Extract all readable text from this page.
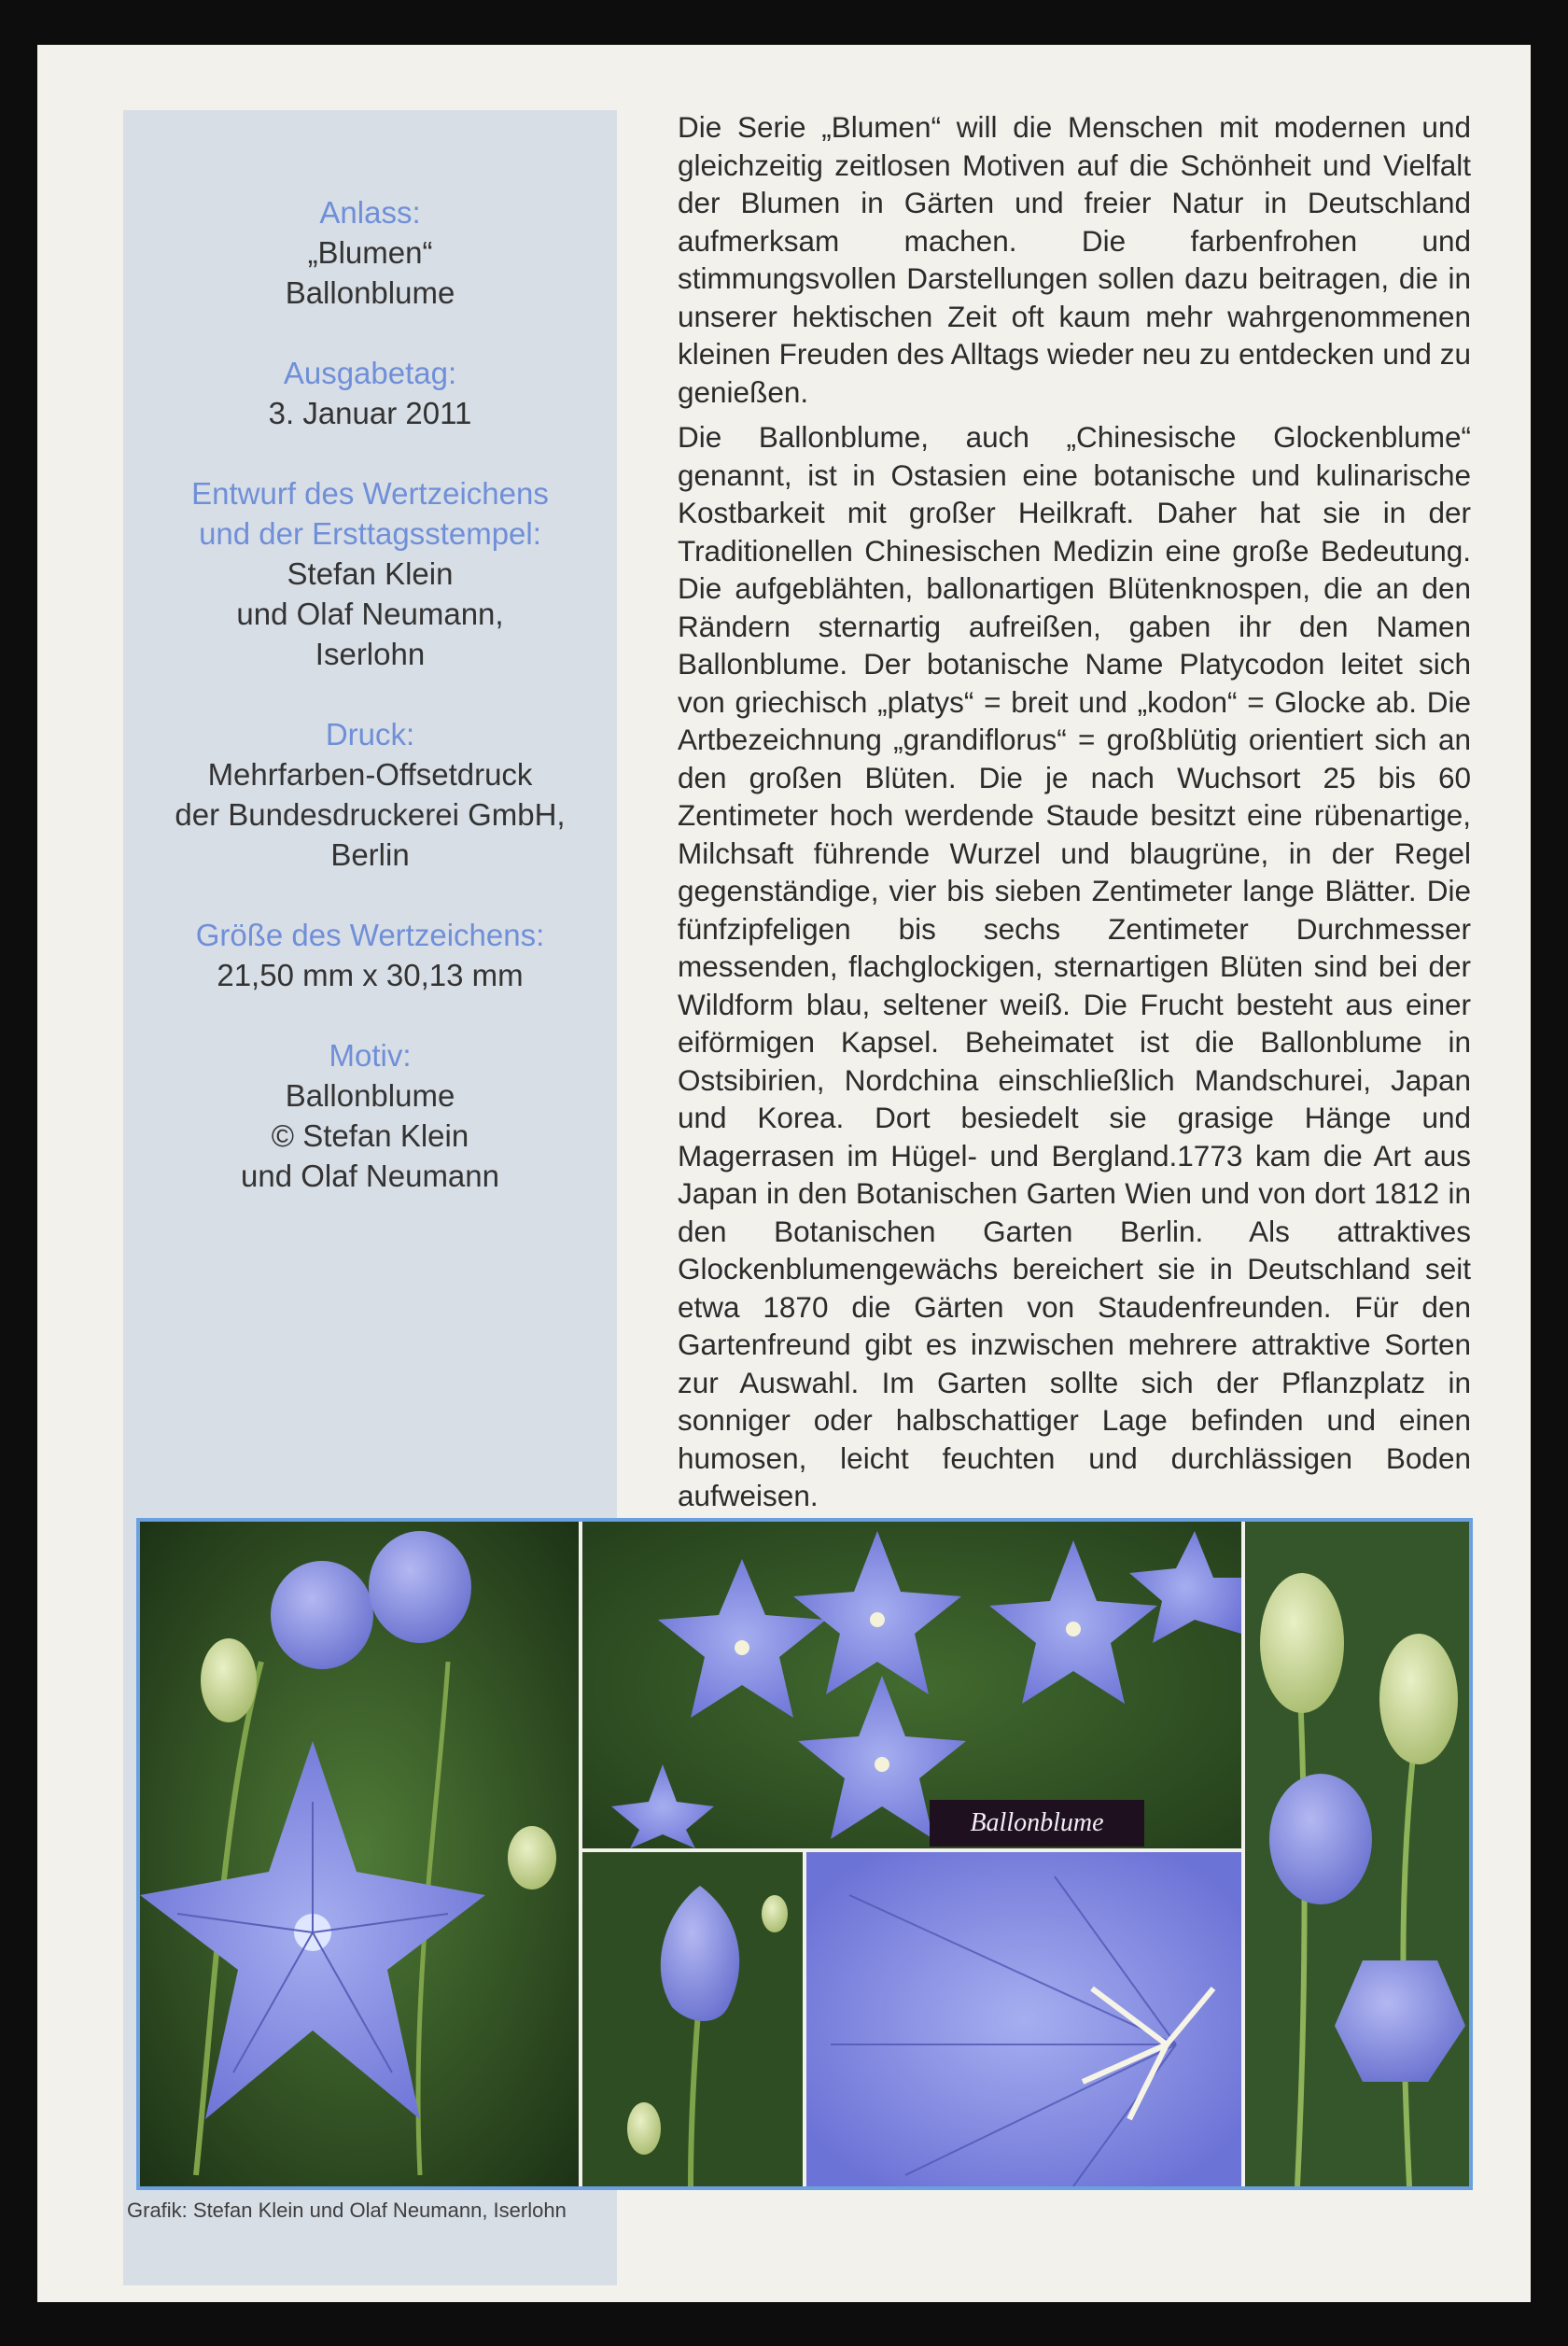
Anlass:
„Blumen“
Ballonblume
Ausgabetag:
3. Januar 2011
Entwurf des Wertzeichens
und der Ersttagsstempel:
Stefan Klein
und Olaf Neumann,
Iserlohn
Druck:
Mehrfarben-Offsetdruck
der Bundesdruckerei GmbH,
Berlin
Größe des Wertzeichens:
21,50 mm x 30,13 mm
Motiv:
Ballonblume
© Stefan Klein
und Olaf Neumann

Die Serie „Blumen“ will die Menschen mit modernen und gleichzeitig zeitlosen Motiven auf die Schönheit und Vielfalt der Blumen in Gärten und freier Natur in Deutschland aufmerksam machen. Die farbenfrohen und stimmungsvollen Darstellungen sollen dazu beitragen, die in unserer hektischen Zeit oft kaum mehr wahrgenommenen kleinen Freuden des Alltags wieder neu zu entdecken und zu genießen.

Die Ballonblume, auch „Chinesische Glockenblume“ genannt, ist in Ostasien eine botanische und kulinarische Kostbarkeit mit großer Heilkraft. Daher hat sie in der Traditionellen Chinesischen Medizin eine große Bedeutung. Die aufgeblähten, ballonartigen Blütenknospen, die an den Rändern sternartig aufreißen, gaben ihr den Namen Ballonblume. Der botanische Name Platycodon leitet sich von griechisch „platys“ = breit und „kodon“ = Glocke ab. Die Artbezeichnung „grandiflorus“ = großblütig orientiert sich an den großen Blüten. Die je nach Wuchsort 25 bis 60 Zentimeter hoch werdende Staude besitzt eine rübenartige, Milchsaft führende Wurzel und blaugrüne, in der Regel gegenständige, vier bis sieben Zentimeter lange Blätter. Die fünfzipfeligen bis sechs Zentimeter Durchmesser messenden, flachglockigen, sternartigen Blüten sind bei der Wildform blau, seltener weiß. Die Frucht besteht aus einer eiförmigen Kapsel. Beheimatet ist die Ballonblume in Ostsibirien, Nordchina einschließlich Mandschurei, Japan und Korea. Dort besiedelt sie grasige Hänge und Magerrasen im Hügel- und Bergland.1773 kam die Art aus Japan in den Botanischen Garten Wien und von dort 1812 in den Botanischen Garten Berlin. Als attraktives Glockenblumengewächs bereichert sie in Deutschland seit etwa 1870 die Gärten von Staudenfreunden. Für den Gartenfreund gibt es inzwischen mehrere attraktive Sorten zur Auswahl. Im Garten sollte sich der Pflanzplatz in sonniger oder halbschattiger Lage befinden und einen humosen, leicht feuchten und durchlässigen Boden aufweisen.

Ballonblume
Grafik: Stefan Klein und Olaf Neumann, Iserlohn
